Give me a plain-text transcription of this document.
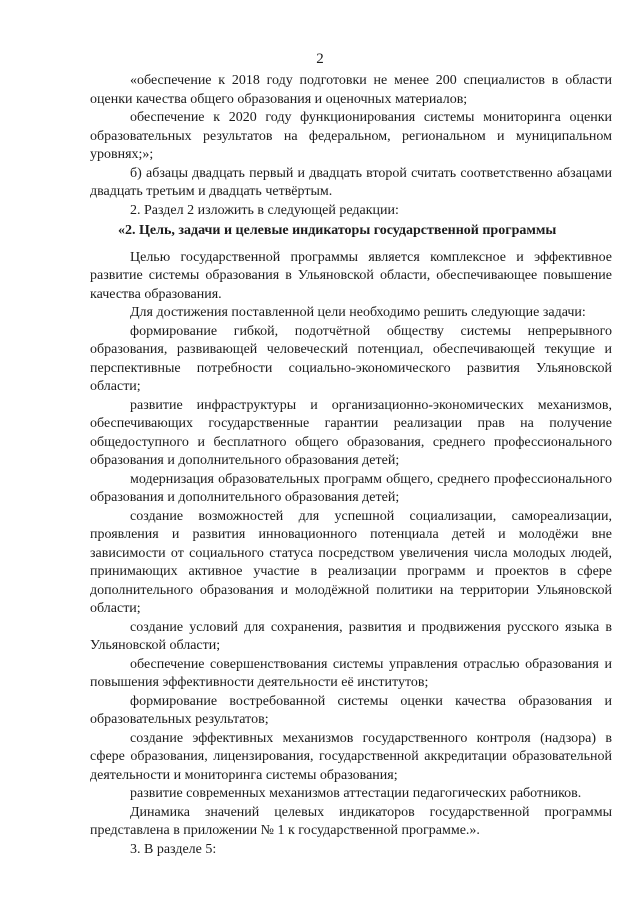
2

«обеспечение к 2018 году подготовки не менее 200 специалистов в области оценки качества общего образования и оценочных материалов;

обеспечение к 2020 году функционирования системы мониторинга оценки образовательных результатов на федеральном, региональном и муниципальном уровнях;»;

б) абзацы двадцать первый и двадцать второй считать соответственно абзацами двадцать третьим и двадцать четвёртым.

2. Раздел 2 изложить в следующей редакции:

«2. Цель, задачи и целевые индикаторы государственной программы

Целью государственной программы является комплексное и эффективное развитие системы образования в Ульяновской области, обеспечивающее повышение качества образования.

Для достижения поставленной цели необходимо решить следующие задачи:

формирование гибкой, подотчётной обществу системы непрерывного образования, развивающей человеческий потенциал, обеспечивающей текущие и перспективные потребности социально-экономического развития Ульяновской области;

развитие инфраструктуры и организационно-экономических механизмов, обеспечивающих государственные гарантии реализации прав на получение общедоступного и бесплатного общего образования, среднего профессионального образования и дополнительного образования детей;

модернизация образовательных программ общего, среднего профессионального образования и дополнительного образования детей;

создание возможностей для успешной социализации, самореализации, проявления и развития инновационного потенциала детей и молодёжи вне зависимости от социального статуса посредством увеличения числа молодых людей, принимающих активное участие в реализации программ и проектов в сфере дополнительного образования и молодёжной политики на территории Ульяновской области;

создание условий для сохранения, развития и продвижения русского языка в Ульяновской области;

обеспечение совершенствования системы управления отраслью образования и повышения эффективности деятельности её институтов;

формирование востребованной системы оценки качества образования и образовательных результатов;

создание эффективных механизмов государственного контроля (надзора) в сфере образования, лицензирования, государственной аккредитации образовательной деятельности и мониторинга системы образования;

развитие современных механизмов аттестации педагогических работников.

Динамика значений целевых индикаторов государственной программы представлена в приложении № 1 к государственной программе.».

3. В разделе 5:
